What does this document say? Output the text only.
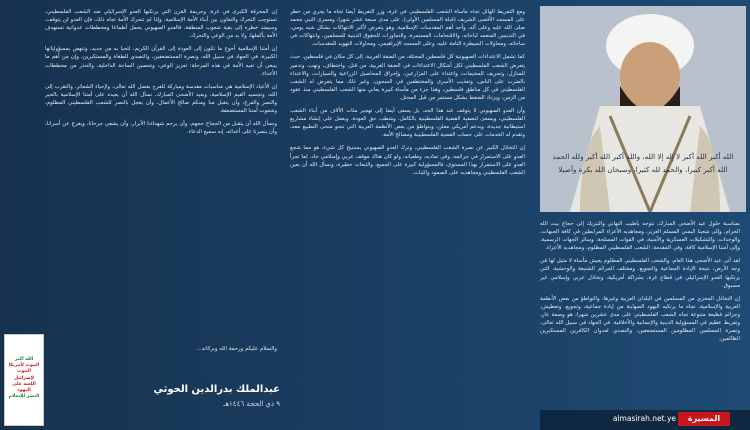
الله أكبر الله أكبر لا إله إلا الله، والله أكبر الله أكبر ولله الحمد
الله أكبر كبيرا، والحمد لله كثيرا، وسبحان الله بكرة وأصيلا

بمناسبة حلول عيد الأضحى المبارك، نتوجه بأطيب التهاني والتبريك إلى حجاج بيت الله الحرام، وإلى شعبنا اليمني المسلم العزيز، ومجاهديه الأعزاء المرابطين في كافة الجبهات، والوحدات، والتشكيلات العسكرية والأمنية، في القوات المسلحة، وسائر الجهات الرسمية، وإلى أمتنا الإسلامية كافة، وفي المقدمة: الشعب الفلسطيني المظلوم، ومجاهديه الأعزاء.

لقد أتى عيد الأضحى هذا العام، والشعب الفلسطيني المظلوم يعيش مأساة لا مثيل لها في وجه الأرض، نتيجة الإبادة الجماعية والتجويع، ومختلف الجرائم الشنيعة والوحشية، التي يرتكبها العدو الإسرائيلي في قطاع غزة، بشراكة أمريكية، وتخاذل عربي وإسلامي غير مسبوق.

إن التخاذل المخزي من المسلمين في البلدان العربية وغيرها، والتواطؤ من بعض الأنظمة العربية والإسلامية، تجاه ما يرتكبه اليهود الصهاينة من إبادة جماعية، وتجويع، وتعطيش، وجرائم فظيعة متنوعة تجاه الشعب الفلسطيني على مدى عشرين شهرا، هو وصمة عار، وتفريط عظيم في المسؤولية الدينية والإنسانية والأخلاقية، في الجهاد في سبيل الله تعالى، ونصرة المسلمين المظلومين المستضعفين، والتصدي لعدوان الكافرين المستكبرين الظالمين.

ومع التفريط الهائل تجاه مأساة الشعب الفلسطيني في غزة، وزر التفريط أيضا تجاه ما يجري من خطر على المسجد الأقصى الشريف (قبلة المسلمين الأولى)، على مدى سبعة عشر شهرا، ومسرى النبي محمد صلى الله عليه وعلى آله، وأحد أهم المقدسات الإسلامية، وهو يتعرض لأكبر الانتهاكات بشكل شبه يومي، في التدنيس المتعمد لباحاته، والاقتحامات المستمرة، والتجاوزات للحقوق الدينية للمسلمين، وانتهاكات في ساحاته، ومحاولات السيطرة التامة عليه، وعلى المسجد الإبراهيمي، ومحاولات التهويد للمقدسات.

كما تشمل الاعتداءات الصهيونية كل فلسطين المحتلة، من الضفة الغربية، إلى كل مكان في فلسطين، حيث يتعرض الشعب الفلسطيني لكل أشكال الاعتداءات في الضفة الغربية، من قتل، واختطاف، ونهب، وتدمير للمنازل، وتجريف للمخيمات، واعتداء على المزارعين، وإحراق المحاصيل الزراعية والسيارات، والاعتداء بالضرب على الناس، وتعذيب الأسرى والمختطفين في السجون، وغير ذلك مما يتعرض له الشعب الفلسطيني في كل مناطق فلسطين، وهذا جزء من مأساة كبيرة يعاني منها الشعب الفلسطيني منذ عقود من الزمن، ويزداد الضغط بشكل مستمر من قبل المحتل.

وأن العدو الصهيوني لا يتوقف عند هذا الحد، بل يسعى أيضا إلى تهجير مئات الآلاف من أبناء الشعب الفلسطيني، ويسعى لتصفية القضية الفلسطينية بالكامل، وشطب حق العودة، ويعمل على إنشاء مشاريع استيطانية جديدة، وبدعم أمريكي معلن، وبتواطؤ من بعض الأنظمة العربية التي تنحو منحى التطبيع معه، وتقدم له الخدمات على حساب القضية الفلسطينية ومصالح الأمة.

إن التخاذل الكبير عن نصرة الشعب الفلسطيني، وترك العدو الصهيوني يستبيح كل شيء، هو مما شجع العدو على الاستمرار في جرائمه، وفي تماديه، وطغيانه، ولو كان هناك موقف عربي وإسلامي جاد، لما تجرأ العدو على الاستمرار بهذا المستوى، فالمسؤولية كبيرة على الجميع، والتبعات خطيرة، ونسأل الله أن يعين الشعب الفلسطيني ومجاهديه على الصمود والثبات.

إن المحرقة الكبرى في غزة، وجريمة القرن التي يرتكبها العدو الإسرائيلي ضد الشعب الفلسطيني، تستوجب التحرك والتعاون بين أبناء الأمة الإسلامية، وإذا لم تتحرك الأمة تجاه ذلك، فإن العدو لن يتوقف، وسيمتد خطره إلى بقية شعوب المنطقة، فالعدو الصهيوني يحمل أطماعا ومخططات عدوانية تستهدف الأمة بأكملها، ولا بد من الوعي والتحرك.

إن أمتنا الإسلامية أحوج ما تكون إلى العودة إلى القرآن الكريم، لتحيا به من جديد، وتنهض بمسؤولياتها الكبيرة، في الجهاد في سبيل الله، ونصرة المستضعفين، والتصدي للطغاة والمستكبرين، وإن من أهم ما ينبغي أن تعيه الأمة في هذه المرحلة: تعزيز الوعي، وتحصين الساحة الداخلية، والحذر من مخططات الأعداء.

إن الأعياد الإسلامية هي مناسبات مقدسة ومباركة للفرح بفضل الله تعالى، ولإحياء الشعائر، والتقرب إلى الله، وتجسيد القيم الإسلامية، وبعيد الأضحى المبارك، نسأل الله أن يعيده على أمتنا الإسلامية بالخير والنصر والفرج، وأن يتقبل منا ومنكم صالح الأعمال، وأن يعجل بالنصر للشعب الفلسطيني المظلوم، وشعوب أمتنا المستضعفة.

ونسأل الله أن يتقبل من الحجاج حجهم، وأن يرحم شهداءنا الأبرار، وأن يشفي جرحانا، ويفرج عن أسرانا، وأن ينصرنا على أعدائه، إنه سميع الدعاء.

والسلام عليكم ورحمة الله وبركاته...
عبدالملك بدرالدين الحوثي
٩ ذي الحجة ١٤٤٦هـ
الله أكبر
الموت لأمريكا
الموت لإسرائيل
اللعنة على اليهود
النصر للإسلام
المسيرة
almasirah.net.ye
